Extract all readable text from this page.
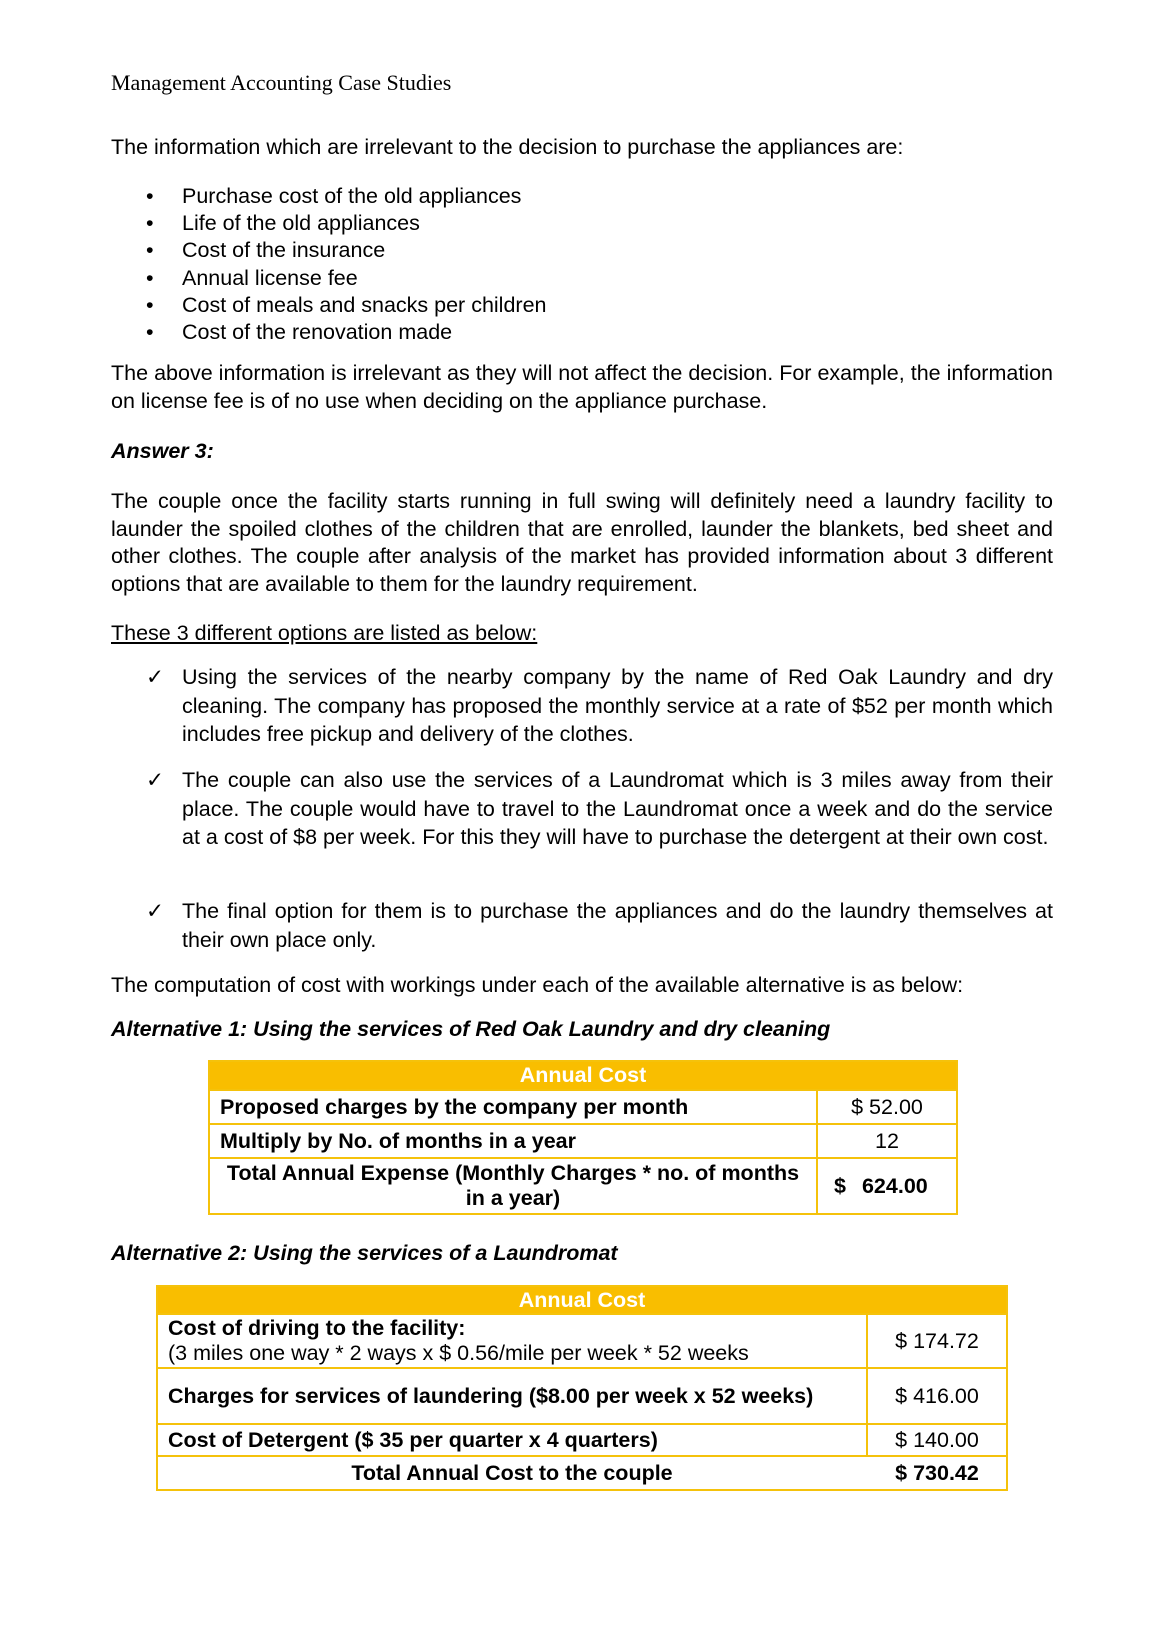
Management Accounting Case Studies

The information which are irrelevant to the decision to purchase the appliances are:

• Purchase cost of the old appliances
• Life of the old appliances
• Cost of the insurance
• Annual license fee
• Cost of meals and snacks per children
• Cost of the renovation made

The above information is irrelevant as they will not affect the decision. For example, the information on license fee is of no use when deciding on the appliance purchase.

Answer 3:

The couple once the facility starts running in full swing will definitely need a laundry facility to launder the spoiled clothes of the children that are enrolled, launder the blankets, bed sheet and other clothes. The couple after analysis of the market has provided information about 3 different options that are available to them for the laundry requirement.

These 3 different options are listed as below:

✓ Using the services of the nearby company by the name of Red Oak Laundry and dry cleaning. The company has proposed the monthly service at a rate of $52 per month which includes free pickup and delivery of the clothes.
✓ The couple can also use the services of a Laundromat which is 3 miles away from their place. The couple would have to travel to the Laundromat once a week and do the service at a cost of $8 per week. For this they will have to purchase the detergent at their own cost.
✓ The final option for them is to purchase the appliances and do the laundry themselves at their own place only.

The computation of cost with workings under each of the available alternative is as below:

Alternative 1: Using the services of Red Oak Laundry and dry cleaning

Annual Cost	
Proposed charges by the company per month	$ 52.00
Multiply by No. of months in a year	12
Total Annual Expense (Monthly Charges * no. of months in a year)	$ 624.00

Alternative 2: Using the services of a Laundromat

Annual Cost	

Cost of driving to the facility:
(3 miles one way * 2 ways x $ 0.56/mile per week * 52 weeks	$ 174.72
Charges for services of laundering ($8.00 per week x 52 weeks)	$ 416.00
Cost of Detergent ($ 35 per quarter x 4 quarters)	$ 140.00
Total Annual Cost to the couple	$ 730.42
